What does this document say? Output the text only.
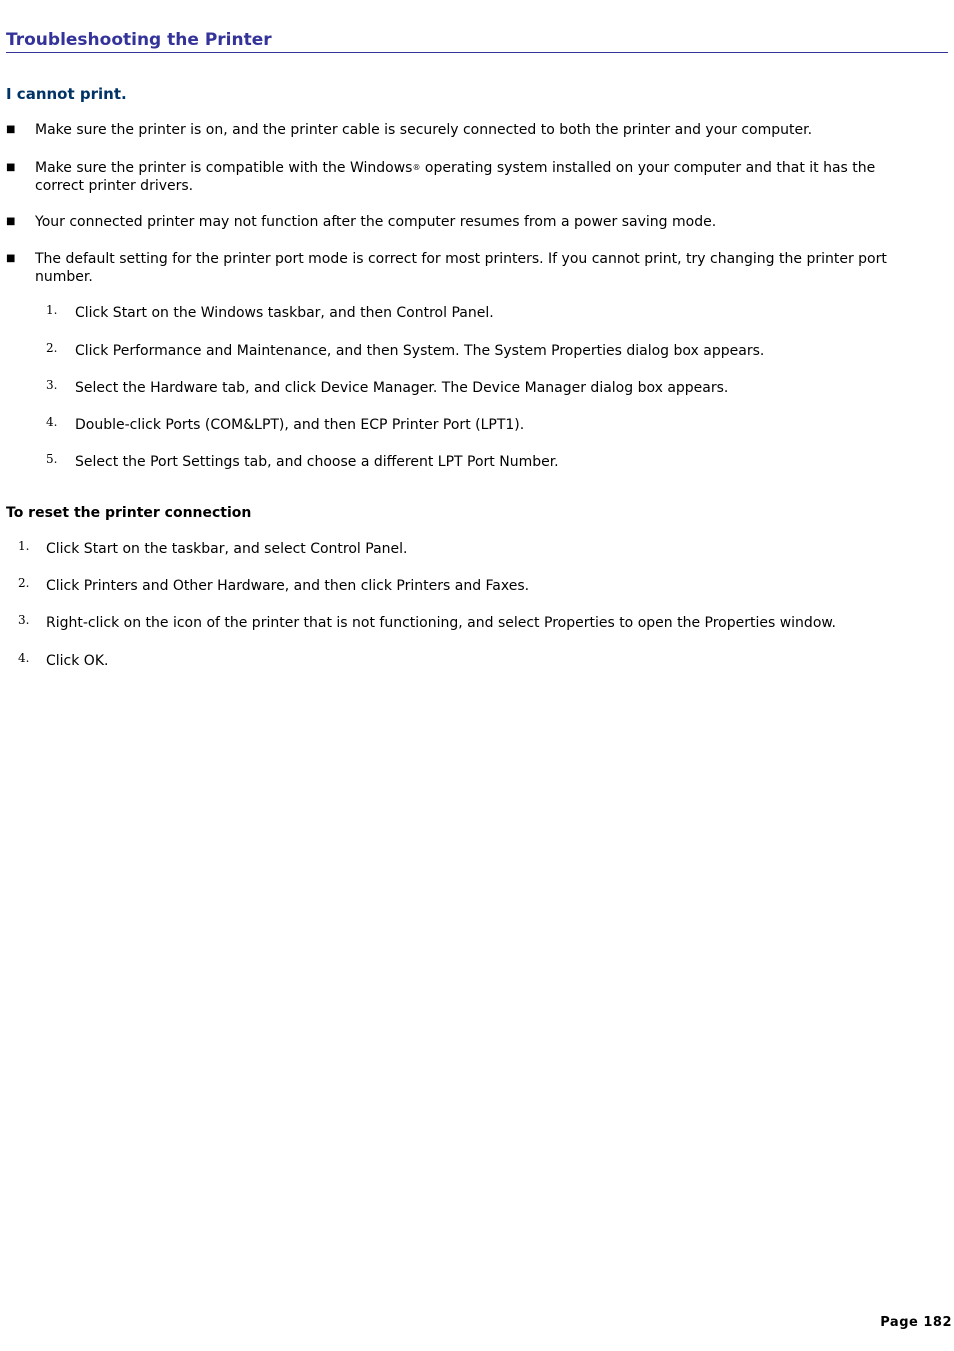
Troubleshooting the Printer
I cannot print.
■ Make sure the printer is on, and the printer cable is securely connected to both the printer and your computer.
■ Make sure the printer is compatible with the Windows® operating system installed on your computer and that it has the correct printer drivers.
■ Your connected printer may not function after the computer resumes from a power saving mode.
■ The default setting for the printer port mode is correct for most printers. If you cannot print, try changing the printer port number.
1. Click Start on the Windows taskbar, and then Control Panel.
2. Click Performance and Maintenance, and then System. The System Properties dialog box appears.
3. Select the Hardware tab, and click Device Manager. The Device Manager dialog box appears.
4. Double-click Ports (COM&LPT), and then ECP Printer Port (LPT1).
5. Select the Port Settings tab, and choose a different LPT Port Number.
To reset the printer connection
1. Click Start on the taskbar, and select Control Panel.
2. Click Printers and Other Hardware, and then click Printers and Faxes.
3. Right-click on the icon of the printer that is not functioning, and select Properties to open the Properties window.
4. Click OK.
Page 182
